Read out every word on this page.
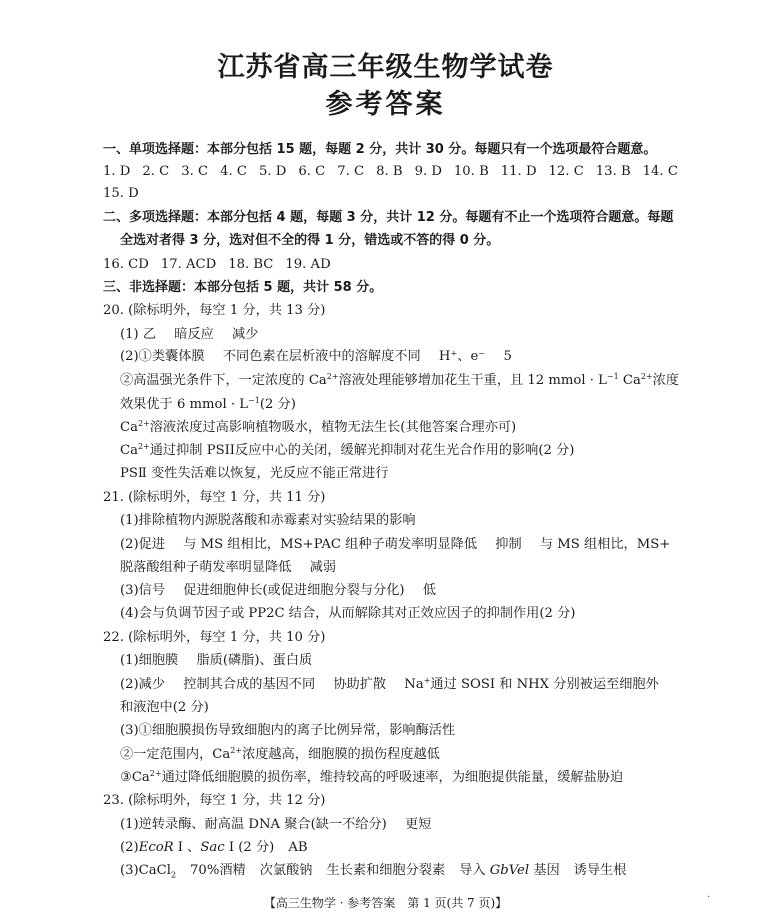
江苏省高三年级生物学试卷
参考答案
一、单项选择题：本部分包括 15 题，每题 2 分，共计 30 分。每题只有一个选项最符合题意。
1. D 2. C 3. C 4. C 5. D 6. C 7. C 8. B 9. D 10. B 11. D 12. C 13. B 14. C
15. D
二、多项选择题：本部分包括 4 题，每题 3 分，共计 12 分。每题有不止一个选项符合题意。每题
全选对者得 3 分，选对但不全的得 1 分，错选或不答的得 0 分。
16. CD 17. ACD 18. BC 19. AD
三、非选择题：本部分包括 5 题，共计 58 分。
20. (除标明外，每空 1 分，共 13 分)
(1) 乙 暗反应 减少
(2)①类囊体膜 不同色素在层析液中的溶解度不同 H⁺、e⁻ 5
②高温强光条件下，一定浓度的 $Ca^{2+}$溶液处理能够增加花生干重，且 12 mmol · $L^{-1}$ $Ca^{2+}$浓度
效果优于 6 mmol · $L^{-1}(2$ 分)
$Ca^{2+}$溶液浓度过高影响植物吸水，植物无法生长(其他答案合理亦可)
$Ca^{2+}$通过抑制 PSII反应中心的关闭，缓解光抑制对花生光合作用的影响(2 分)
PSⅡ 变性失活难以恢复，光反应不能正常进行
21. (除标明外，每空 1 分，共 11 分)
(1)排除植物内源脱落酸和赤霉素对实验结果的影响
(2)促进 与 MS 组相比，MS+PAC 组种子萌发率明显降低 抑制 与 MS 组相比，MS+
脱落酸组种子萌发率明显降低 减弱
(3)信号 促进细胞伸长(或促进细胞分裂与分化) 低
(4)会与负调节因子或 PP2C 结合，从而解除其对正效应因子的抑制作用(2 分)
22. (除标明外，每空 1 分，共 10 分)
(1)细胞膜 脂质(磷脂)、蛋白质
(2)减少 控制其合成的基因不同 协助扩散 Na+通过 SOSI 和 NHX 分别被运至细胞外
和液泡中(2 分)
(3)①细胞膜损伤导致细胞内的离子比例异常，影响酶活性
②一定范围内，$Ca^{2+}$浓度越高，细胞膜的损伤程度越低
$③Ca^{2+}$通过降低细胞膜的损伤率，维持较高的呼吸速率，为细胞提供能量，缓解盐胁迫
23. (除标明外，每空 1 分，共 12 分)
(1)逆转录酶、耐高温 DNA 聚合(缺一不给分) 更短
(2)EcoR Ⅰ 、Sac Ⅰ (2 分) AB
(3)CaCl$_2$ 70%酒精 次氯酸钠 生长素和细胞分裂素 导入 GbVel 基因 诱导生根
【高三生物学 · 参考答案　第 1 页(共 7 页)】	·
